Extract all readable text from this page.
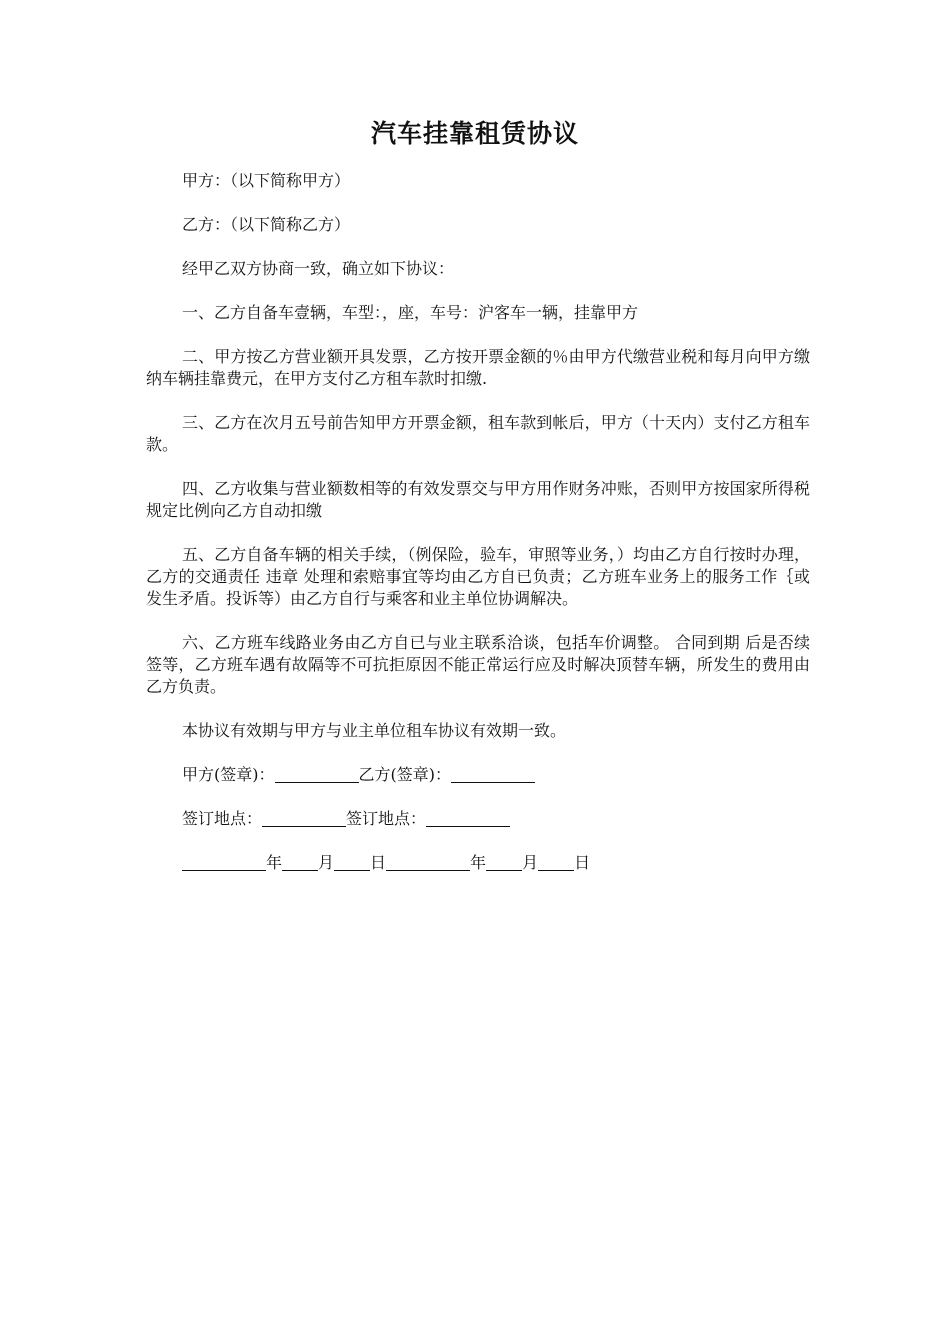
汽车挂靠租赁协议

甲方：（以下简称甲方）

乙方：（以下简称乙方）

经甲乙双方协商一致，确立如下协议：

一、乙方自备车壹辆，车型：，座，车号：沪客车一辆，挂靠甲方

二、甲方按乙方营业额开具发票，乙方按开票金额的％由甲方代缴营业税和每月向甲方缴纳车辆挂靠费元，在甲方支付乙方租车款时扣缴.

三、乙方在次月五号前告知甲方开票金额，租车款到帐后，甲方（十天内）支付乙方租车款。

四、乙方收集与营业额数相等的有效发票交与甲方用作财务冲账，否则甲方按国家所得税规定比例向乙方自动扣缴

五、乙方自备车辆的相关手续，（例保险，验车，审照等业务，）均由乙方自行按时办理，乙方的交通责任 违章 处理和索赔事宜等均由乙方自已负责；乙方班车业务上的服务工作｛或发生矛盾。投诉等）由乙方自行与乘客和业主单位协调解决。

六、乙方班车线路业务由乙方自已与业主联系洽谈，包括车价调整。 合同到期 后是否续签等，乙方班车遇有故隔等不可抗拒原因不能正常运行应及时解决顶替车辆，所发生的费用由乙方负责。

本协议有效期与甲方与业主单位租车协议有效期一致。

甲方(签章)：	乙方(签章)：

签订地点：	签订地点：

年 月 日	年 月 日
